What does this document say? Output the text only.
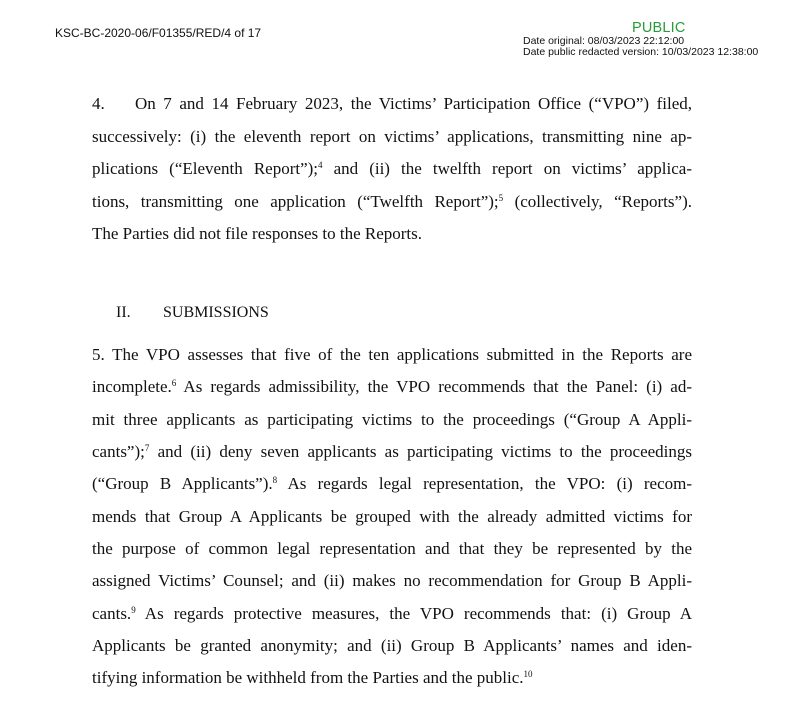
KSC-BC-2020-06/F01355/RED/4 of 17	PUBLIC
Date original: 08/03/2023 22:12:00
Date public redacted version: 10/03/2023 12:38:00
4.    On 7 and 14 February 2023, the Victims’ Participation Office (“VPO”) filed,
successively: (i) the eleventh report on victims’ applications, transmitting nine ap-
plications (“Eleventh Report”);$^4$ and (ii) the twelfth report on victims’ applica-
tions, transmitting one application (“Twelfth Report”);$^5$ (collectively, “Reports”).
The Parties did not file responses to the Reports.
II. SUBMISSIONS
5. The VPO assesses that five of the ten applications submitted in the Reports are
incomplete.$^6$ As regards admissibility, the VPO recommends that the Panel: (i) ad-
mit three applicants as participating victims to the proceedings (“Group A Appli-
cants”);$^7$ and (ii) deny seven applicants as participating victims to the proceedings
(“Group B Applicants”).$^8$ As regards legal representation, the VPO: (i) recom-
mends that Group A Applicants be grouped with the already admitted victims for
the purpose of common legal representation and that they be represented by the
assigned Victims’ Counsel; and (ii) makes no recommendation for Group B Appli-
cants.$^9$ As regards protective measures, the VPO recommends that: (i) Group A
Applicants be granted anonymity; and (ii) Group B Applicants’ names and iden-
tifying information be withheld from the Parties and the public.$^{10}$
